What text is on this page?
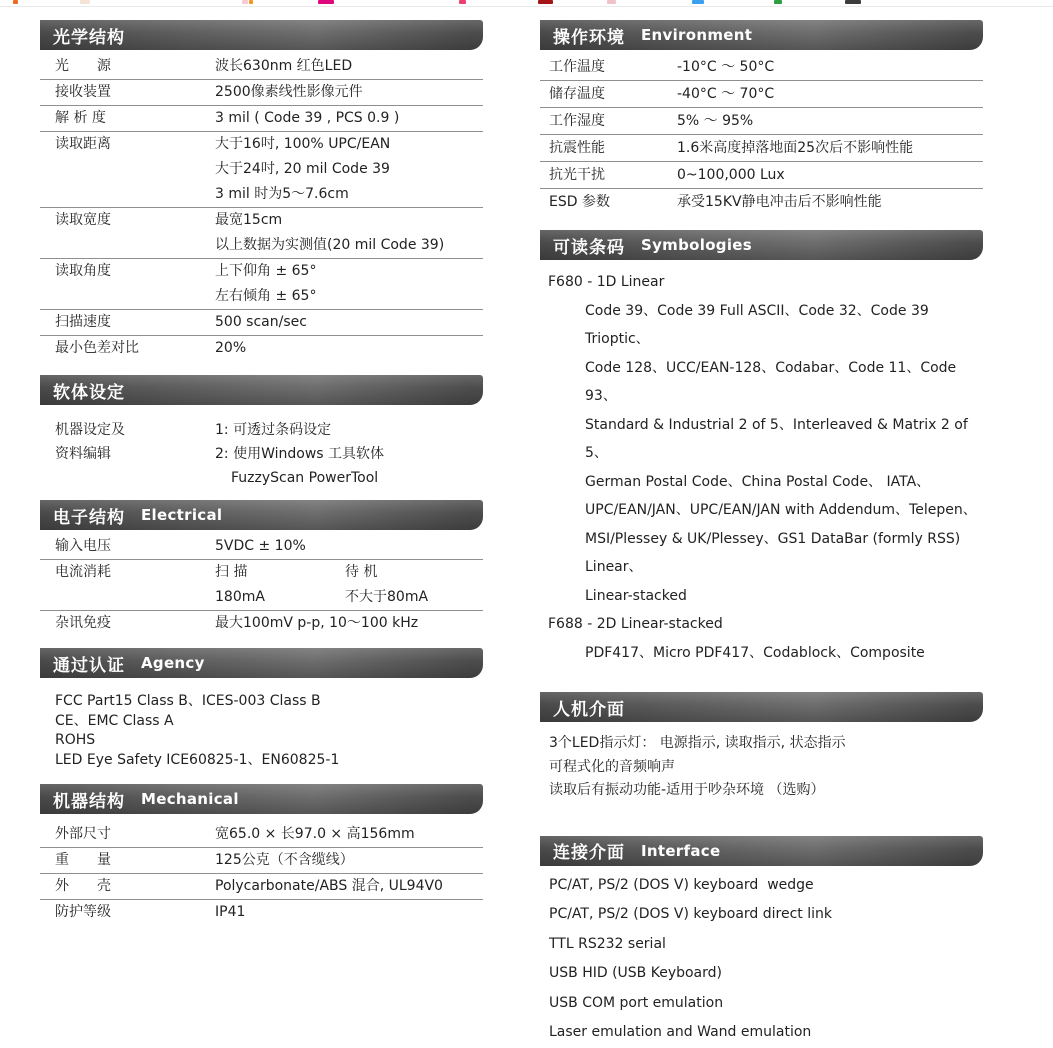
光学结构
光　　源	波长630nm 红色LED
接收装置	2500像素线性影像元件
解 析 度	3 mil ( Code 39 , PCS 0.9 )
读取距离	大于16吋, 100% UPC/EAN
大于24吋, 20 mil Code 39
3 mil 时为5～7.6cm
读取宽度	最宽15cm
以上数据为实测值(20 mil Code 39)
读取角度	上下仰角 ± 65°
左右倾角 ± 65°
扫描速度	500 scan/sec
最小色差对比	20%
软体设定
机器设定及	1: 可透过条码设定
资料编辑	2: 使用Windows 工具软体
FuzzyScan PowerTool
电子结构 Electrical
输入电压	5VDC ± 10%
电流消耗	扫 描	待 机
180mA	不大于80mA
杂讯免疫	最大100mV p-p, 10～100 kHz
通过认证 Agency
FCC Part15 Class B、ICES-003 Class B
CE、EMC Class A
ROHS
LED Eye Safety ICE60825-1、EN60825-1
机器结构 Mechanical
外部尺寸	宽65.0 × 长97.0 × 高156mm
重　　量	125公克（不含缆线）
外　　壳	Polycarbonate/ABS 混合, UL94V0
防护等级	IP41
操作环境 Environment
工作温度	-10°C ～ 50°C
储存温度	-40°C ～ 70°C
工作湿度	5% ～ 95%
抗震性能	1.6米高度掉落地面25次后不影响性能
抗光干扰	0~100,000 Lux
ESD 参数	承受15KV静电冲击后不影响性能
可读条码 Symbologies
F680 - 1D Linear
Code 39、Code 39 Full ASCII、Code 32、Code 39 Trioptic、
Code 128、UCC/EAN-128、Codabar、Code 11、Code 93、
Standard & Industrial 2 of 5、Interleaved & Matrix 2 of 5、
German Postal Code、China Postal Code、 IATA、
UPC/EAN/JAN、UPC/EAN/JAN with Addendum、Telepen、
MSI/Plessey & UK/Plessey、GS1 DataBar (formly RSS) Linear、
Linear-stacked
F688 - 2D Linear-stacked
PDF417、Micro PDF417、Codablock、Composite
人机介面
3个LED指示灯： 电源指示, 读取指示, 状态指示
可程式化的音频响声
读取后有振动功能-适用于吵杂环境 （选购）
连接介面 Interface
PC/AT, PS/2 (DOS V) keyboard  wedge
PC/AT, PS/2 (DOS V) keyboard direct link
TTL RS232 serial
USB HID (USB Keyboard)
USB COM port emulation
Laser emulation and Wand emulation
